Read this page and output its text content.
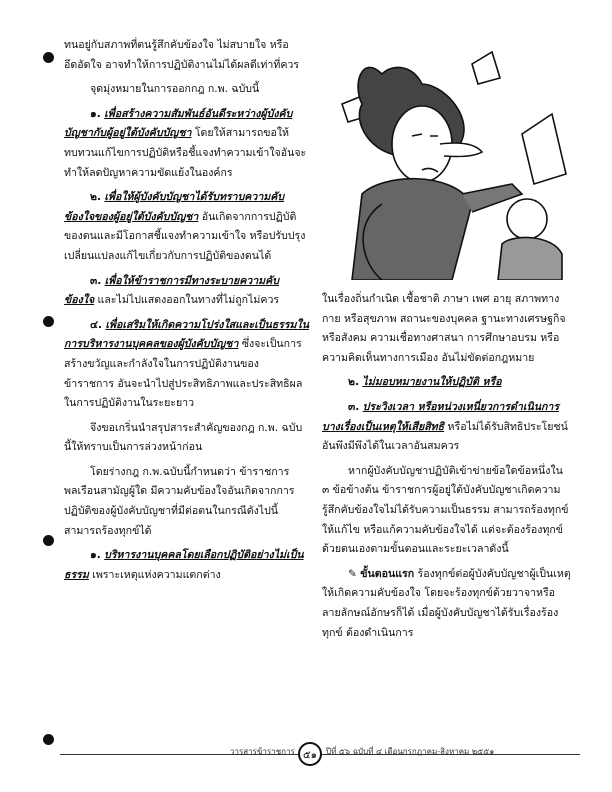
ทนอยู่กับสภาพที่ตนรู้สึกคับข้องใจ ไม่สบายใจ หรืออึดอัดใจ อาจทำให้การปฏิบัติงานไม่ได้ผลดีเท่าที่ควร

จุดมุ่งหมายในการออกกฎ ก.พ. ฉบับนี้

๑. เพื่อสร้างความสัมพันธ์อันดีระหว่างผู้บังคับบัญชากับผู้อยู่ใต้บังคับบัญชา โดยให้สามารถขอให้ทบทวนแก้ไขการปฏิบัติหรือชี้แจงทำความเข้าใจอันจะทำให้ลดปัญหาความขัดแย้งในองค์กร

๒. เพื่อให้ผู้บังคับบัญชาได้รับทราบความคับข้องใจของผู้อยู่ใต้บังคับบัญชา อันเกิดจากการปฏิบัติของตนและมีโอกาสชี้แจงทำความเข้าใจ หรือปรับปรุงเปลี่ยนแปลงแก้ไขเกี่ยวกับการปฏิบัติของตนได้

๓. เพื่อให้ข้าราชการมีทางระบายความคับข้องใจ และไม่ไปแสดงออกในทางที่ไม่ถูกไม่ควร

๔. เพื่อเสริมให้เกิดความโปร่งใสและเป็นธรรมในการบริหารงานบุคคลของผู้บังคับบัญชา ซึ่งจะเป็นการสร้างขวัญและกำลังใจในการปฏิบัติงานของข้าราชการ อันจะนำไปสู่ประสิทธิภาพและประสิทธิผลในการปฏิบัติงานในระยะยาว

จึงขอเกริ่นนำสรุปสาระสำคัญของกฎ ก.พ. ฉบับนี้ให้ทราบเป็นการล่วงหน้าก่อน

โดยร่างกฎ ก.พ.ฉบับนี้กำหนดว่า ข้าราชการพลเรือนสามัญผู้ใด มีความคับข้องใจอันเกิดจากการปฏิบัติของผู้บังคับบัญชาที่มีต่อตนในกรณีดังไปนี้ สามารถร้องทุกข์ได้

๑. บริหารงานบุคคลโดยเลือกปฏิบัติอย่างไม่เป็นธรรม เพราะเหตุแห่งความแตกต่าง

ในเรื่องถิ่นกำเนิด เชื้อชาติ ภาษา เพศ อายุ สภาพทางกาย หรือสุขภาพ สถานะของบุคคล ฐานะทางเศรษฐกิจหรือสังคม ความเชื่อทางศาสนา การศึกษาอบรม หรือความคิดเห็นทางการเมือง อันไม่ขัดต่อกฎหมาย

๒. ไม่มอบหมายงานให้ปฏิบัติ หรือ

๓. ประวิงเวลา หรือหน่วงเหนี่ยวการดำเนินการบางเรื่องเป็นเหตุให้เสียสิทธิ หรือไม่ได้รับสิทธิประโยชน์อันพึงมีพึงได้ในเวลาอันสมควร

หากผู้บังคับบัญชาปฏิบัติเข้าข่ายข้อใดข้อหนึ่งใน ๓ ข้อข้างต้น ข้าราชการผู้อยู่ใต้บังคับบัญชาเกิดความรู้สึกคับข้องใจไม่ได้รับความเป็นธรรม สามารถร้องทุกข์ให้แก้ไข หรือแก้ความคับข้องใจได้ แต่จะต้องร้องทุกข์ด้วยตนเองตามขั้นตอนและระยะเวลาดังนี้

✎ ขั้นตอนแรก ร้องทุกข์ต่อผู้บังคับบัญชาผู้เป็นเหตุให้เกิดความคับข้องใจ โดยจะร้องทุกข์ด้วยวาจาหรือลายลักษณ์อักษรก็ได้ เมื่อผู้บังคับบัญชาได้รับเรื่องร้องทุกข์ ต้องดำเนินการ

วารสารข้าราชการ ๕๑ ปีที่ ๕๖ ฉบับที่ ๔ เดือนกรกฎาคม-สิงหาคม ๒๕๕๑
